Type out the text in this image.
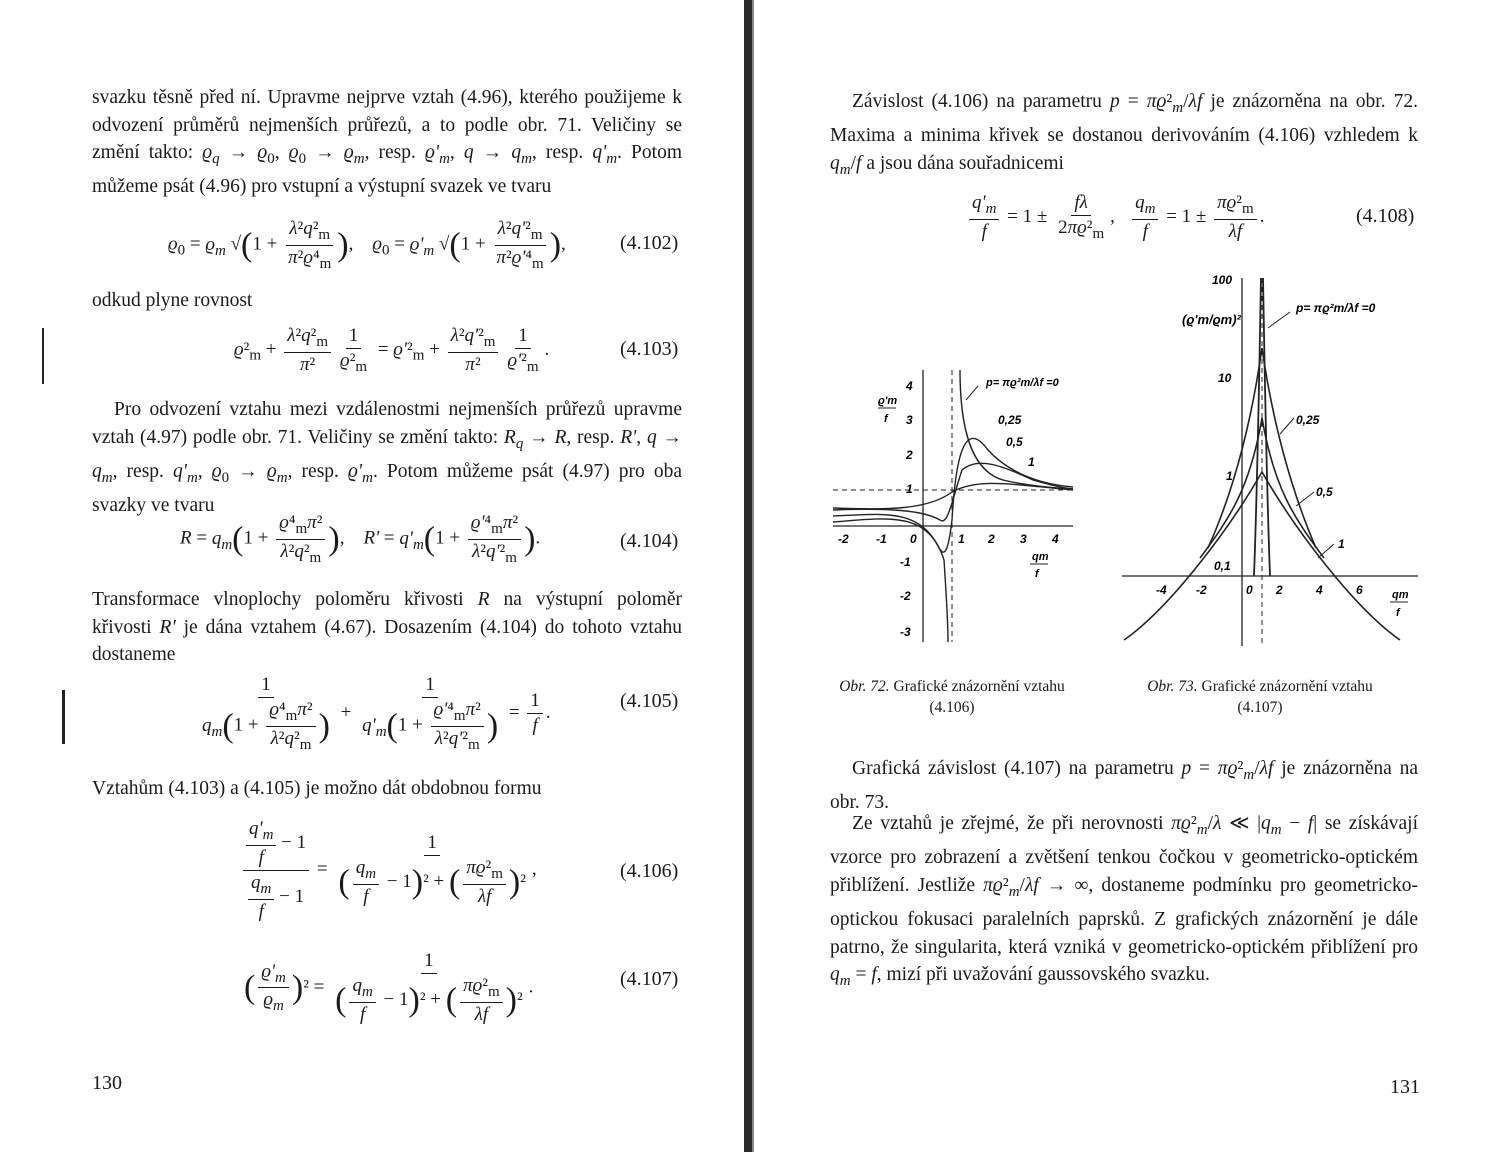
svazku těsně před ní. Upravme nejprve vztah (4.96), kterého použijeme k odvození průměrů nejmenších průřezů, a to podle obr. 71. Veličiny se změní takto: $ϱ_q \to ϱ_0$, $ϱ_0 \to ϱ_m$, resp. $ϱ'_m$, $q \to q_m$, resp. $q'_m$. Potom můžeme psát (4.96) pro vstupní a výstupní svazek ve tvaru
$ϱ_0 = ϱ_m$ $√(1 + \frac{\lambda^2q^2_m}{\pi^2ϱ^4_m}$ ),    $ϱ_0 = ϱ'_m$ $√(1 + \frac{\lambda^2q'^2_m}{\pi^2ϱ'^4_m}$ ),	(4.102)
odkud plyne rovnost
$ϱ^2_m + \frac{\lambda^2q^2_m}{\text{π²}} \frac{1}{ϱ^2_m} = ϱ'^2_m + \frac{\lambda^2q'^2_m}{\text{π²}} \frac{1}{ϱ'^2_m}$ .	(4.103)
Pro odvození vztahu mezi vzdálenostmi nejmenších průřezů upravme vztah (4.97) podle obr. 71. Veličiny se změní takto: $R_q \to R$, resp. R', $q \to q_m$, resp. $q'_m$, $ϱ_0 \to ϱ_m$, resp. $ϱ'_m$. Potom můžeme psát (4.97) pro oba svazky ve tvaru
$R = q_m(1 + \frac{ϱ^4_m\pi^2}{\lambda^2q^2_m}$ ),    $R' = q'_m(1 + \frac{ϱ'^4_m\pi^2}{\lambda^2q'^2_m}$ ).	(4.104)
Transformace vlnoplochy poloměru křivosti R na výstupní poloměr křivosti R' je dána vztahem (4.67). Dosazením (4.104) do tohoto vztahu dostaneme
$\frac{1}{q_m(1 + \frac{ϱ^4_m\pi^2}{\lambda^2q^2_m} )} + \frac{1}{q'_m(1 + \frac{ϱ'^4_m\pi^2}{\lambda^2q'^2_m} )} = \frac{1}{f}$ .
(4.105)
Vztahům (4.103) a (4.105) je možno dát obdobnou formu
$\frac{\frac{q'_m}{f} - 1}{\frac{q_m}{f} - 1} = \frac{1}{( \frac{q_m}{f} - 1)^2 + ( \frac{\pi ϱ^2_m}{\lambda f} )^2}$ ,	(4.106)
( $\frac{ϱ'_m}{ϱ_m} )^2 = \frac{1}{( \frac{q_m}{f} - 1)^2 + ( \frac{\pi ϱ^2_m}{\lambda f} )^2}$ .	(4.107)
130
Závislost (4.106) na parametru $p = \pi ϱ^2_m/\lambda f$ je znázorněna na obr. 72. Maxima a minima křivek se dostanou derivováním (4.106) vzhledem k $q_m/f$ a jsou dána souřadnicemi
$\frac{q'_m}{f} = 1 \pm \frac{f\lambda}{2\pi ϱ^2_m}$ , $\frac{q_m}{f} = 1 \pm \frac{\pi ϱ^2_m}{\lambda f}$ .	(4.108)
4
3
2
1
-1
-2
-3
-2 -1 0	1 2 3 4
ϱ'm
f
qm
f
p= πϱ²m/λf =0
0,25
0,5
1
Obr. 72. Grafické znázornění vztahu (4.106)
100
10
1
0,1
-4 -2	0 2	4	6
(ϱ'm/ϱm)²
qm
f
p= πϱ²m/λf =0
0,25
0,5
1
Obr. 73. Grafické znázornění vztahu (4.107)
Grafická závislost (4.107) na parametru $p = \pi ϱ^2_m/\lambda f$ je znázorněna na obr. 73.
Ze vztahů je zřejmé, že při nerovnosti $\pi ϱ^2_m/\lambda$ ≪ $|q_m - f|$ se získávají vzorce pro zobrazení a zvětšení tenkou čočkou v geometricko-optickém přiblížení. Jestliže $\pi ϱ^2_m/\lambda f$ → ∞, dostaneme podmínku pro geometricko-optickou fokusaci paralelních paprsků. Z grafických znázornění je dále patrno, že singularita, která vzniká v geometricko-optickém přiblížení pro $q_m = f$, mizí při uvažování gaussovského svazku.
131
